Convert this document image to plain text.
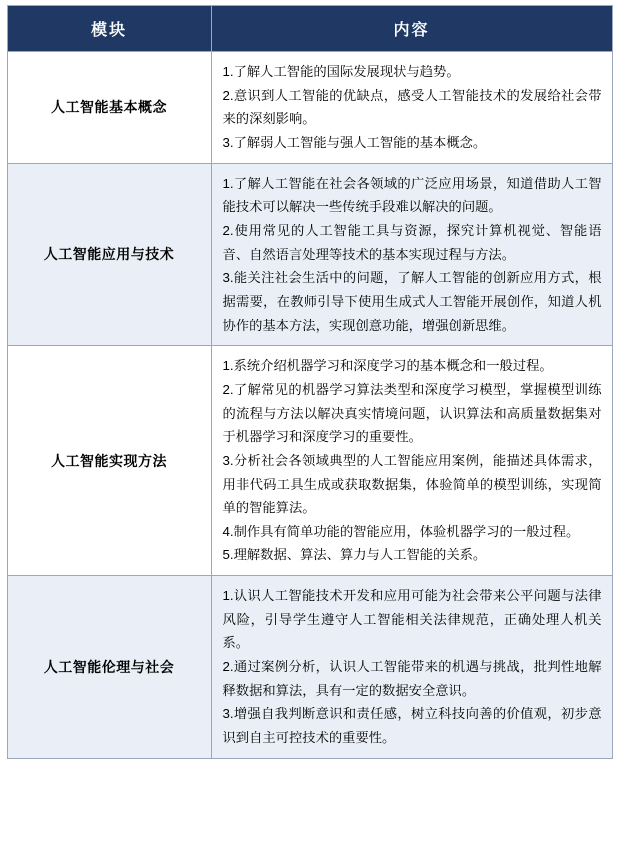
模块	内容
人工智能基本概念	1.了解人工智能的国际发展现状与趋势。

2.意识到人工智能的优缺点，感受人工智能技术的发展给社会带来的深刻影响。

3.了解弱人工智能与强人工智能的基本概念。

人工智能应用与技术	1.了解人工智能在社会各领域的广泛应用场景，知道借助人工智能技术可以解决一些传统手段难以解决的问题。

2.使用常见的人工智能工具与资源，探究计算机视觉、智能语音、自然语言处理等技术的基本实现过程与方法。

3.能关注社会生活中的问题，了解人工智能的创新应用方式，根据需要，在教师引导下使用生成式人工智能开展创作，知道人机协作的基本方法，实现创意功能，增强创新思维。

人工智能实现方法	1.系统介绍机器学习和深度学习的基本概念和一般过程。

2.了解常见的机器学习算法类型和深度学习模型，掌握模型训练的流程与方法以解决真实情境问题，认识算法和高质量数据集对于机器学习和深度学习的重要性。

3.分析社会各领域典型的人工智能应用案例，能描述具体需求，用非代码工具生成或获取数据集，体验简单的模型训练，实现简单的智能算法。

4.制作具有简单功能的智能应用，体验机器学习的一般过程。

5.理解数据、算法、算力与人工智能的关系。

人工智能伦理与社会	1.认识人工智能技术开发和应用可能为社会带来公平问题与法律风险，引导学生遵守人工智能相关法律规范，正确处理人机关系。

2.通过案例分析，认识人工智能带来的机遇与挑战，批判性地解释数据和算法，具有一定的数据安全意识。

3.增强自我判断意识和责任感，树立科技向善的价值观，初步意识到自主可控技术的重要性。
